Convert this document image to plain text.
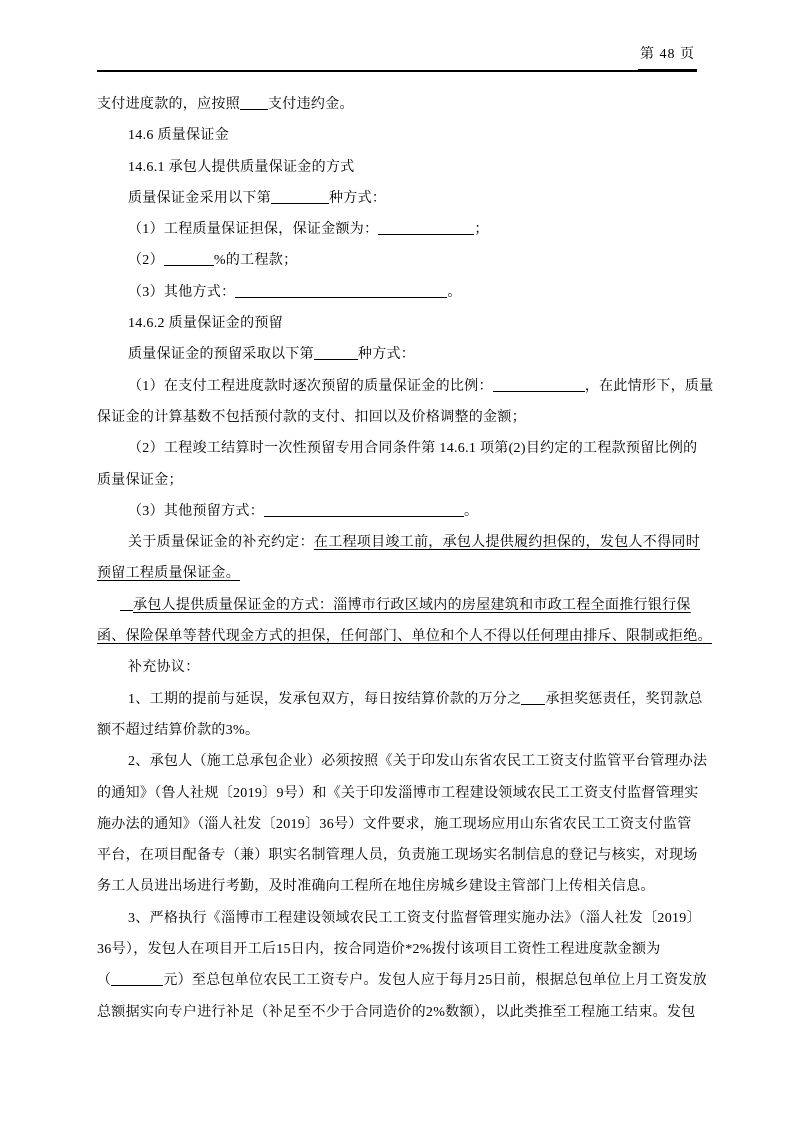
第 48 页
支付进度款的，应按照 支付违约金。
14.6 质量保证金
14.6.1 承包人提供质量保证金的方式
质量保证金采用以下第	种方式：
（1）工程质量保证担保，保证金额为：	；
（2）	%的工程款；
（3）其他方式：	。
14.6.2 质量保证金的预留
质量保证金的预留采取以下第	种方式：
（1）在支付工程进度款时逐次预留的质量保证金的比例：	，在此情形下，质量
保证金的计算基数不包括预付款的支付、扣回以及价格调整的金额；
（2）工程竣工结算时一次性预留专用合同条件第 14.6.1 项第(2)目约定的工程款预留比例的
质量保证金；
（3）其他预留方式：	。
关于质量保证金的补充约定：在工程项目竣工前，承包人提供履约担保的，发包人不得同时
预留工程质量保证金。
承包人提供质量保证金的方式：淄博市行政区域内的房屋建筑和市政工程全面推行银行保
函、保险保单等替代现金方式的担保，任何部门、单位和个人不得以任何理由排斥、限制或拒绝。
补充协议：
1、工期的提前与延误，发承包双方，每日按结算价款的万分之 承担奖惩责任，奖罚款总
额不超过结算价款的3%。
2、承包人（施工总承包企业）必须按照《关于印发山东省农民工工资支付监管平台管理办法
的通知》（鲁人社规〔2019〕9号）和《关于印发淄博市工程建设领域农民工工资支付监督管理实
施办法的通知》（淄人社发〔2019〕36号）文件要求，施工现场应用山东省农民工工资支付监管
平台，在项目配备专（兼）职实名制管理人员，负责施工现场实名制信息的登记与核实，对现场
务工人员进出场进行考勤，及时准确向工程所在地住房城乡建设主管部门上传相关信息。
3、严格执行《淄博市工程建设领域农民工工资支付监督管理实施办法》（淄人社发〔2019〕
36号），发包人在项目开工后15日内，按合同造价*2%拨付该项目工资性工程进度款金额为
（	元）至总包单位农民工工资专户。发包人应于每月25日前，根据总包单位上月工资发放
总额据实向专户进行补足（补足至不少于合同造价的2%数额），以此类推至工程施工结束。发包
